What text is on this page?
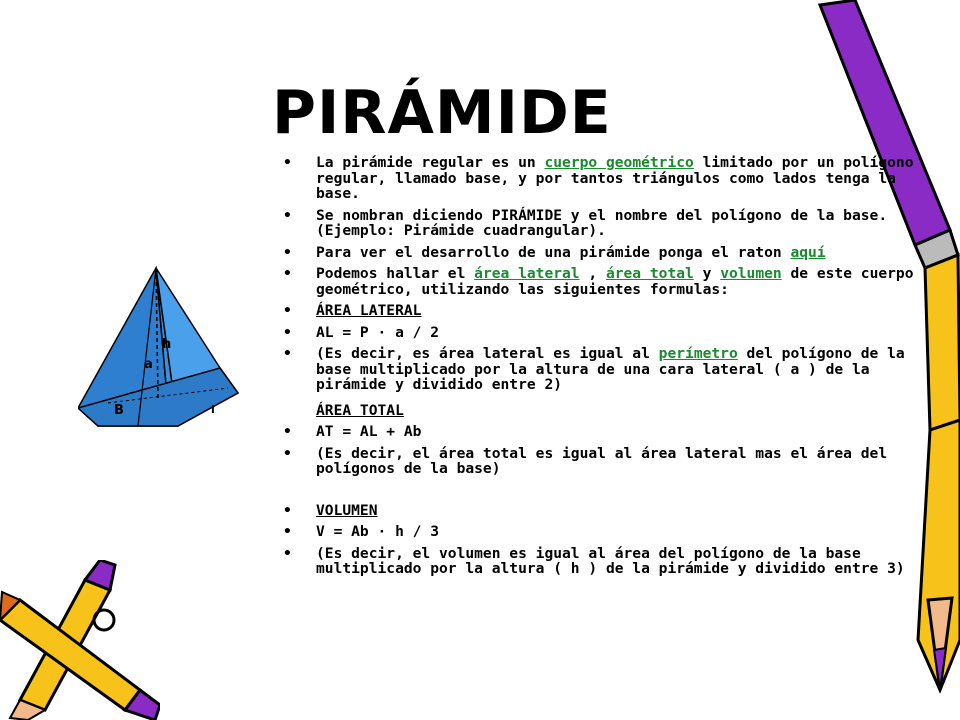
PIRÁMIDE
h
a
B	l
• La pirámide regular es un cuerpo geométrico limitado por un polígono regular, llamado base, y por tantos triángulos como lados tenga la base.
• Se nombran diciendo PIRÁMIDE y el nombre del polígono de la base. (Ejemplo: Pirámide cuadrangular).
• Para ver el desarrollo de una pirámide ponga el raton aquí
• Podemos hallar el área lateral , área total y volumen de este cuerpo geométrico, utilizando las siguientes formulas:
• ÁREA LATERAL
• AL = P · a / 2
• (Es decir, es área lateral es igual al perímetro del polígono de la base multiplicado por la altura de una cara lateral ( a ) de la pirámide y dividido entre 2)
ÁREA TOTAL
• AT = AL + Ab
• (Es decir, el área total es igual al área lateral mas el área del polígonos de la base)
• VOLUMEN
• V = Ab · h / 3
• (Es decir, el volumen es igual al área del polígono de la base multiplicado por la altura ( h ) de la pirámide y dividido entre 3)
